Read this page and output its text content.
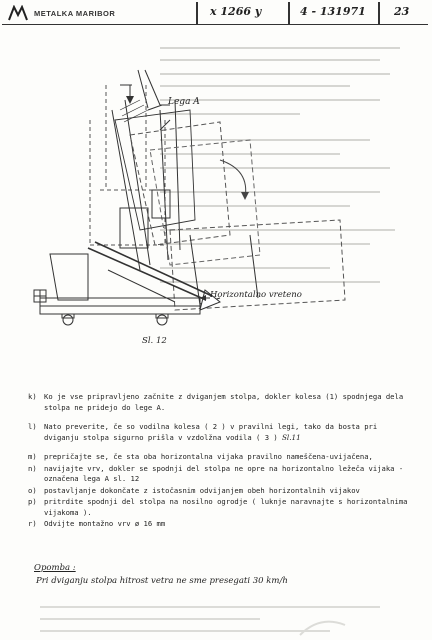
METALKA MARIBOR	x 1266 y	4 - 131971	23
Lega A
Horizontalno vreteno
Sl. 12
k) Ko je vse pripravljeno začnite z dviganjem stolpa, dokler kolesa (1) spodnjega dela stolpa ne pridejo do lege A.
l) Nato preverite, če so vodilna kolesa ( 2 ) v pravilni legi, tako da bosta pri dviganju stolpa sigurno prišla v vzdolžna vodila ( 3 ) Sl.11
m) prepričajte se, če sta oba horizontalna vijaka pravilno nameščena-uvijačena,
n) navijajte vrv, dokler se spodnji del stolpa ne opre na horizontalno ležeča vijaka - označena lega A sl. 12
o) postavljanje dokončate z istočasnim odvijanjem obeh horizontalnih vijakov
p) pritrdite spodnji del stolpa na nosilno ogrodje ( luknje naravnajte s horizontalnima vijakoma ).
r) Odvijte montažno vrv ø 16 mm
Opomba :
Pri dviganju stolpa hitrost vetra ne sme presegati 30 km/h
